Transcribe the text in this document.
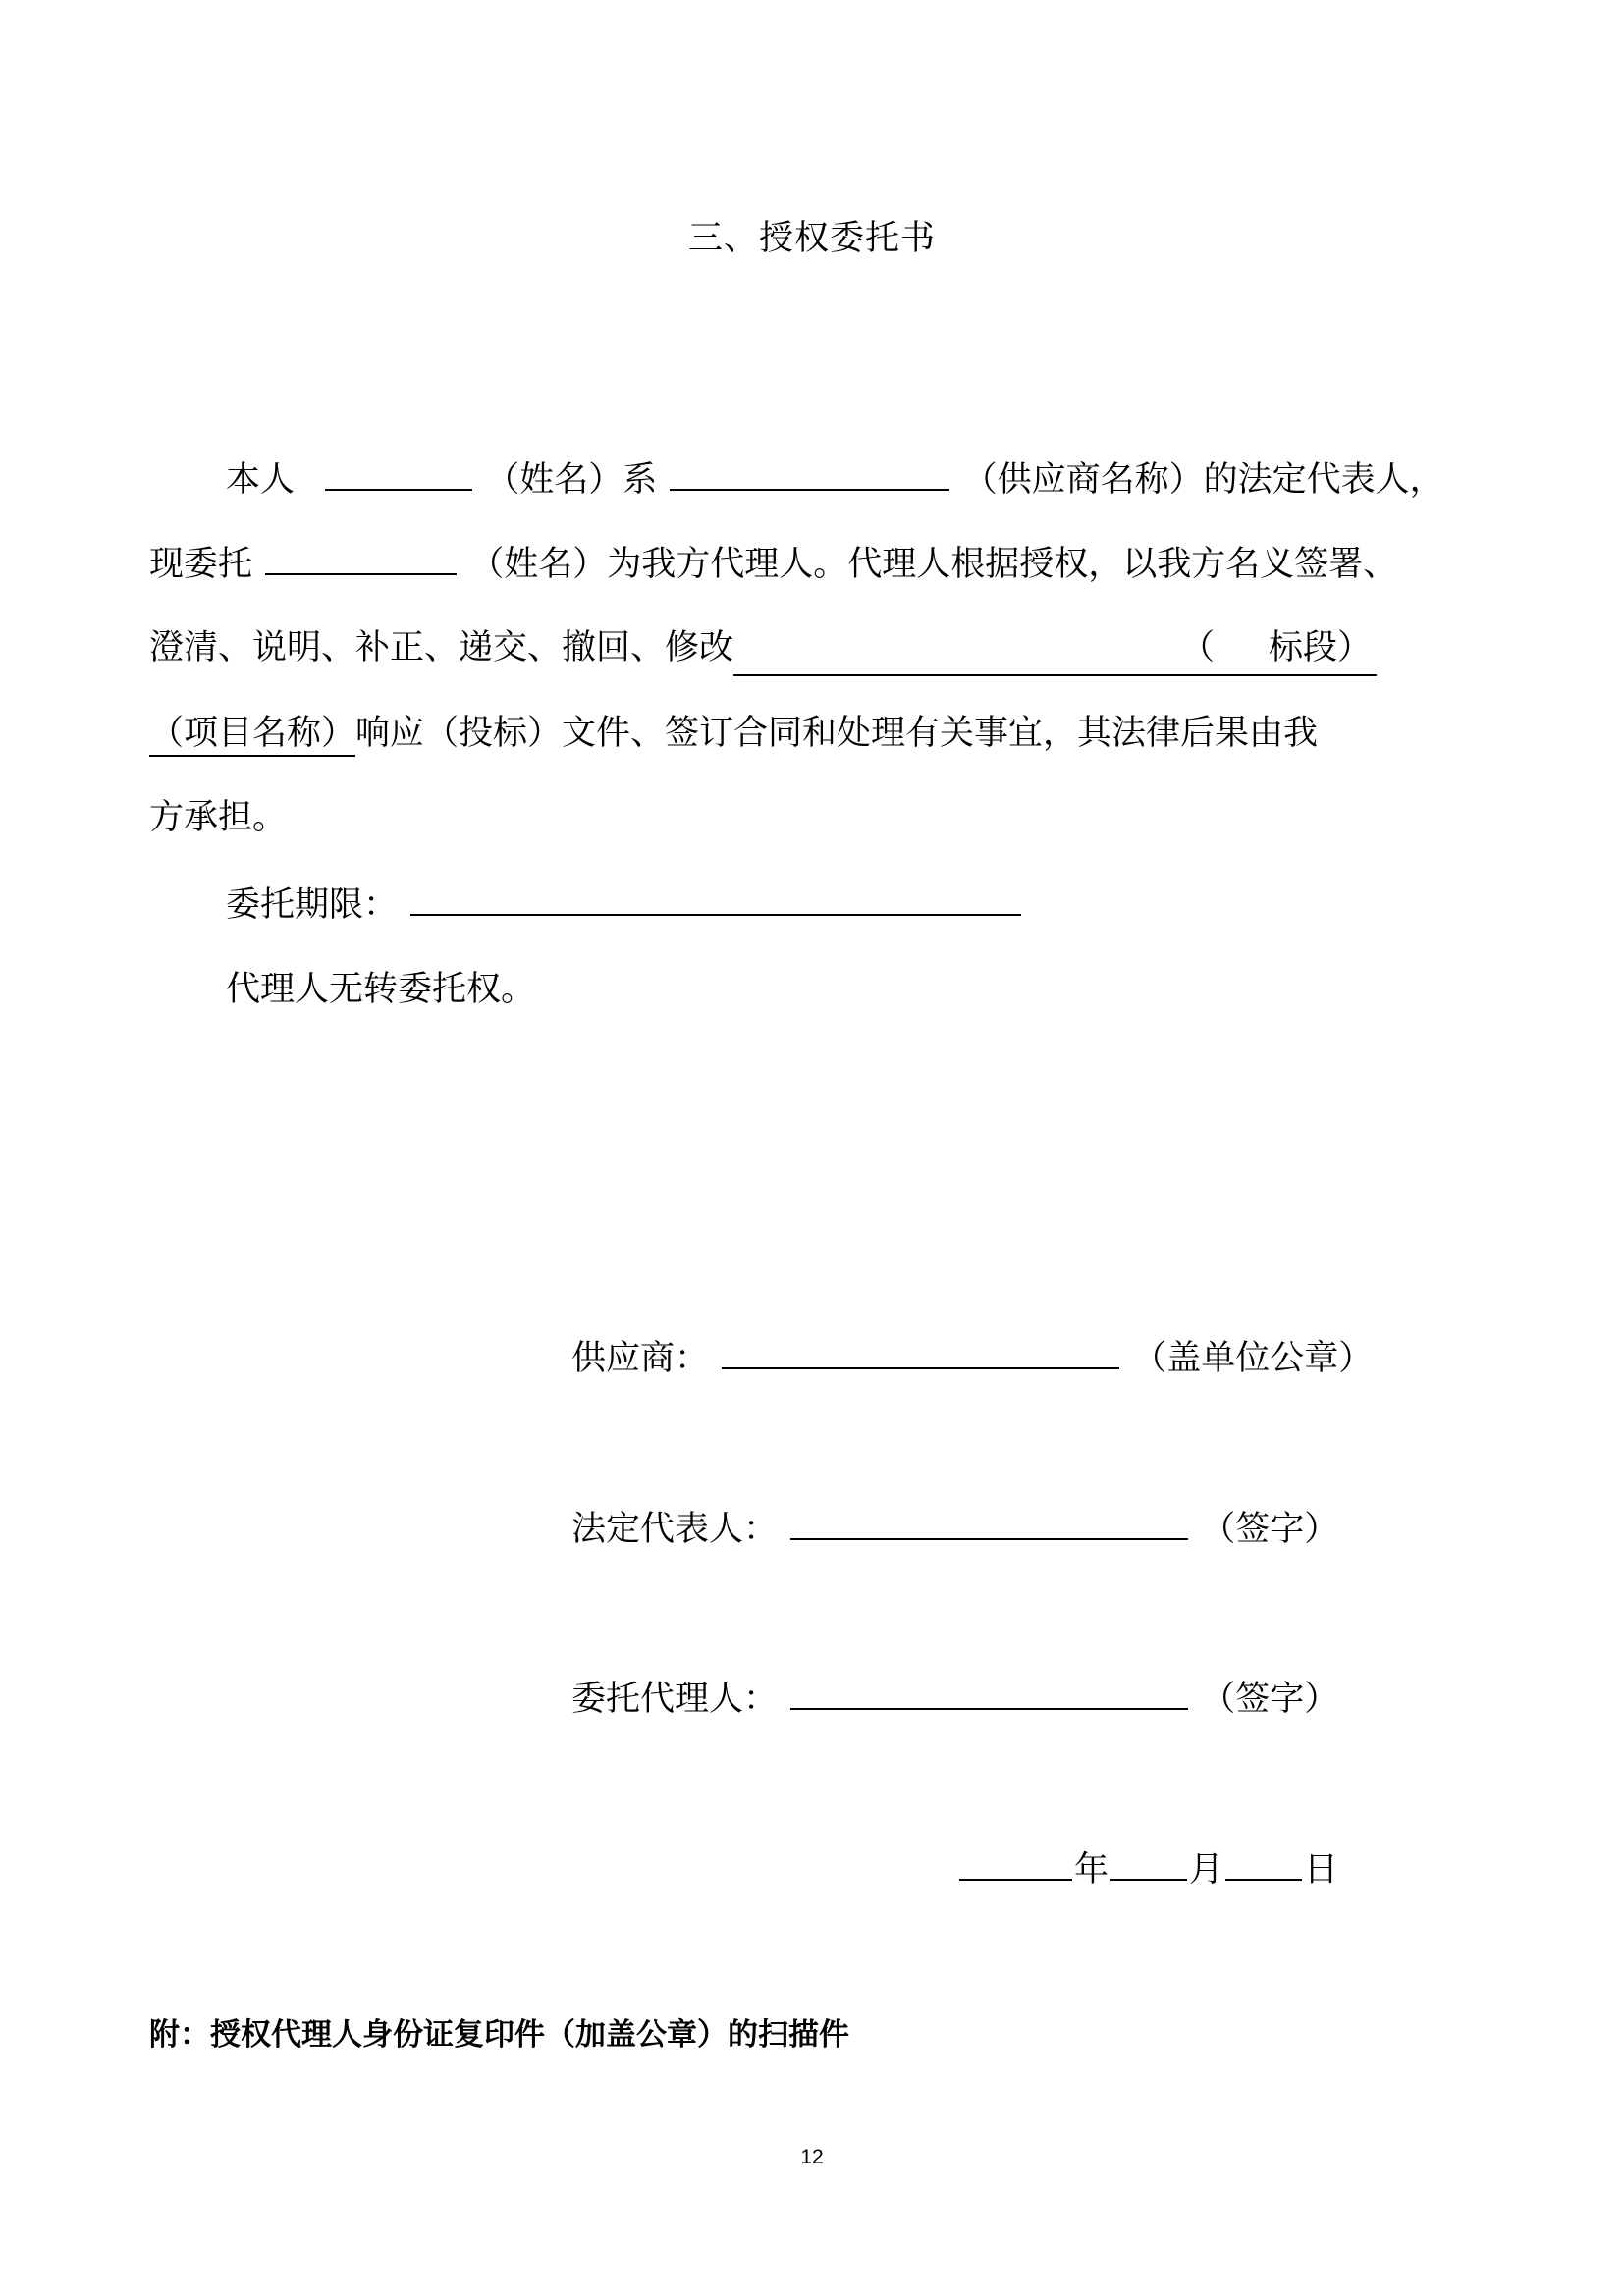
三、授权委托书
本人	（姓名）系	（供应商名称）的法定代表人，
现委托	（姓名）为我方代理人。代理人根据授权，以我方名义签署、
澄清、说明、补正、递交、撤回、修改	（ 标段）
（项目名称）响应（投标）文件、签订合同和处理有关事宜，其法律后果由我
方承担。
委托期限：
代理人无转委托权。
供应商：	（盖单位公章）
法定代表人：	（签字）
委托代理人：	（签字）
年 月 日
附：授权代理人身份证复印件（加盖公章）的扫描件
12
